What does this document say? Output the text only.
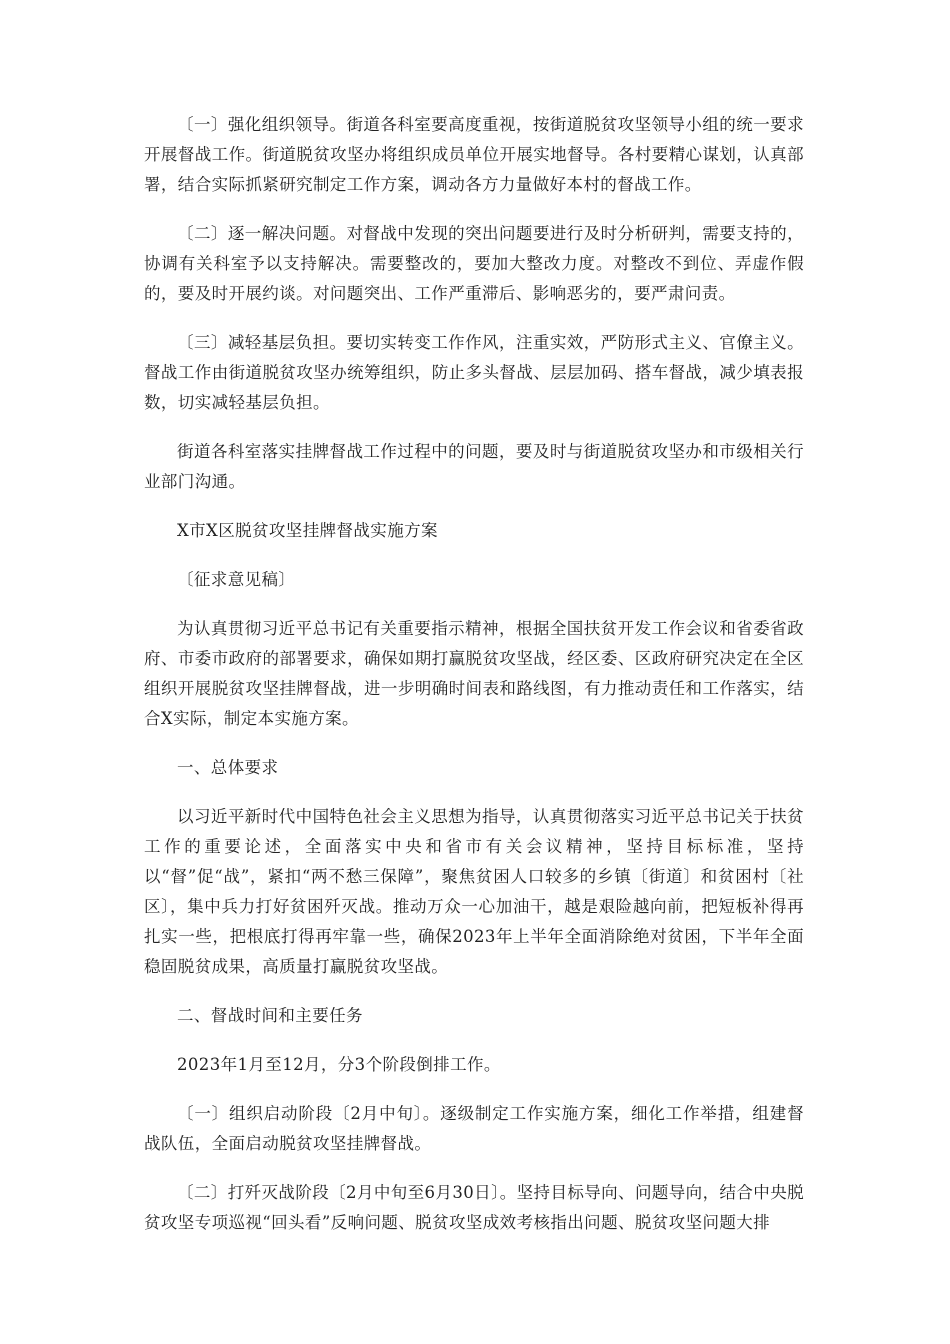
〔一〕强化组织领导。街道各科室要高度重视，按街道脱贫攻坚领导小组的统一要求开展督战工作。街道脱贫攻坚办将组织成员单位开展实地督导。各村要精心谋划，认真部署，结合实际抓紧研究制定工作方案，调动各方力量做好本村的督战工作。

〔二〕逐一解决问题。对督战中发现的突出问题要进行及时分析研判，需要支持的，协调有关科室予以支持解决。需要整改的，要加大整改力度。对整改不到位、弄虚作假的，要及时开展约谈。对问题突出、工作严重滞后、影响恶劣的，要严肃问责。

〔三〕减轻基层负担。要切实转变工作作风，注重实效，严防形式主义、官僚主义。督战工作由街道脱贫攻坚办统筹组织，防止多头督战、层层加码、搭车督战，减少填表报数，切实减轻基层负担。

街道各科室落实挂牌督战工作过程中的问题，要及时与街道脱贫攻坚办和市级相关行业部门沟通。

X市X区脱贫攻坚挂牌督战实施方案

〔征求意见稿〕

为认真贯彻习近平总书记有关重要指示精神，根据全国扶贫开发工作会议和省委省政府、市委市政府的部署要求，确保如期打赢脱贫攻坚战，经区委、区政府研究决定在全区组织开展脱贫攻坚挂牌督战，进一步明确时间表和路线图，有力推动责任和工作落实，结合X实际，制定本实施方案。

一、总体要求

以习近平新时代中国特色社会主义思想为指导，认真贯彻落实习近平总书记关于扶贫工作的重要论述，全面落实中央和省市有关会议精神，坚持目标标准，坚持以“督”促“战”，紧扣“两不愁三保障”，聚焦贫困人口较多的乡镇〔街道〕和贫困村〔社区〕，集中兵力打好贫困歼灭战。推动万众一心加油干，越是艰险越向前，把短板补得再扎实一些，把根底打得再牢靠一些，确保2023年上半年全面消除绝对贫困，下半年全面稳固脱贫成果，高质量打赢脱贫攻坚战。

二、督战时间和主要任务

2023年1月至12月，分3个阶段倒排工作。

〔一〕组织启动阶段〔2月中旬〕。逐级制定工作实施方案，细化工作举措，组建督战队伍，全面启动脱贫攻坚挂牌督战。

〔二〕打歼灭战阶段〔2月中旬至6月30日〕。坚持目标导向、问题导向，结合中央脱贫攻坚专项巡视“回头看”反响问题、脱贫攻坚成效考核指出问题、脱贫攻坚问题大排
